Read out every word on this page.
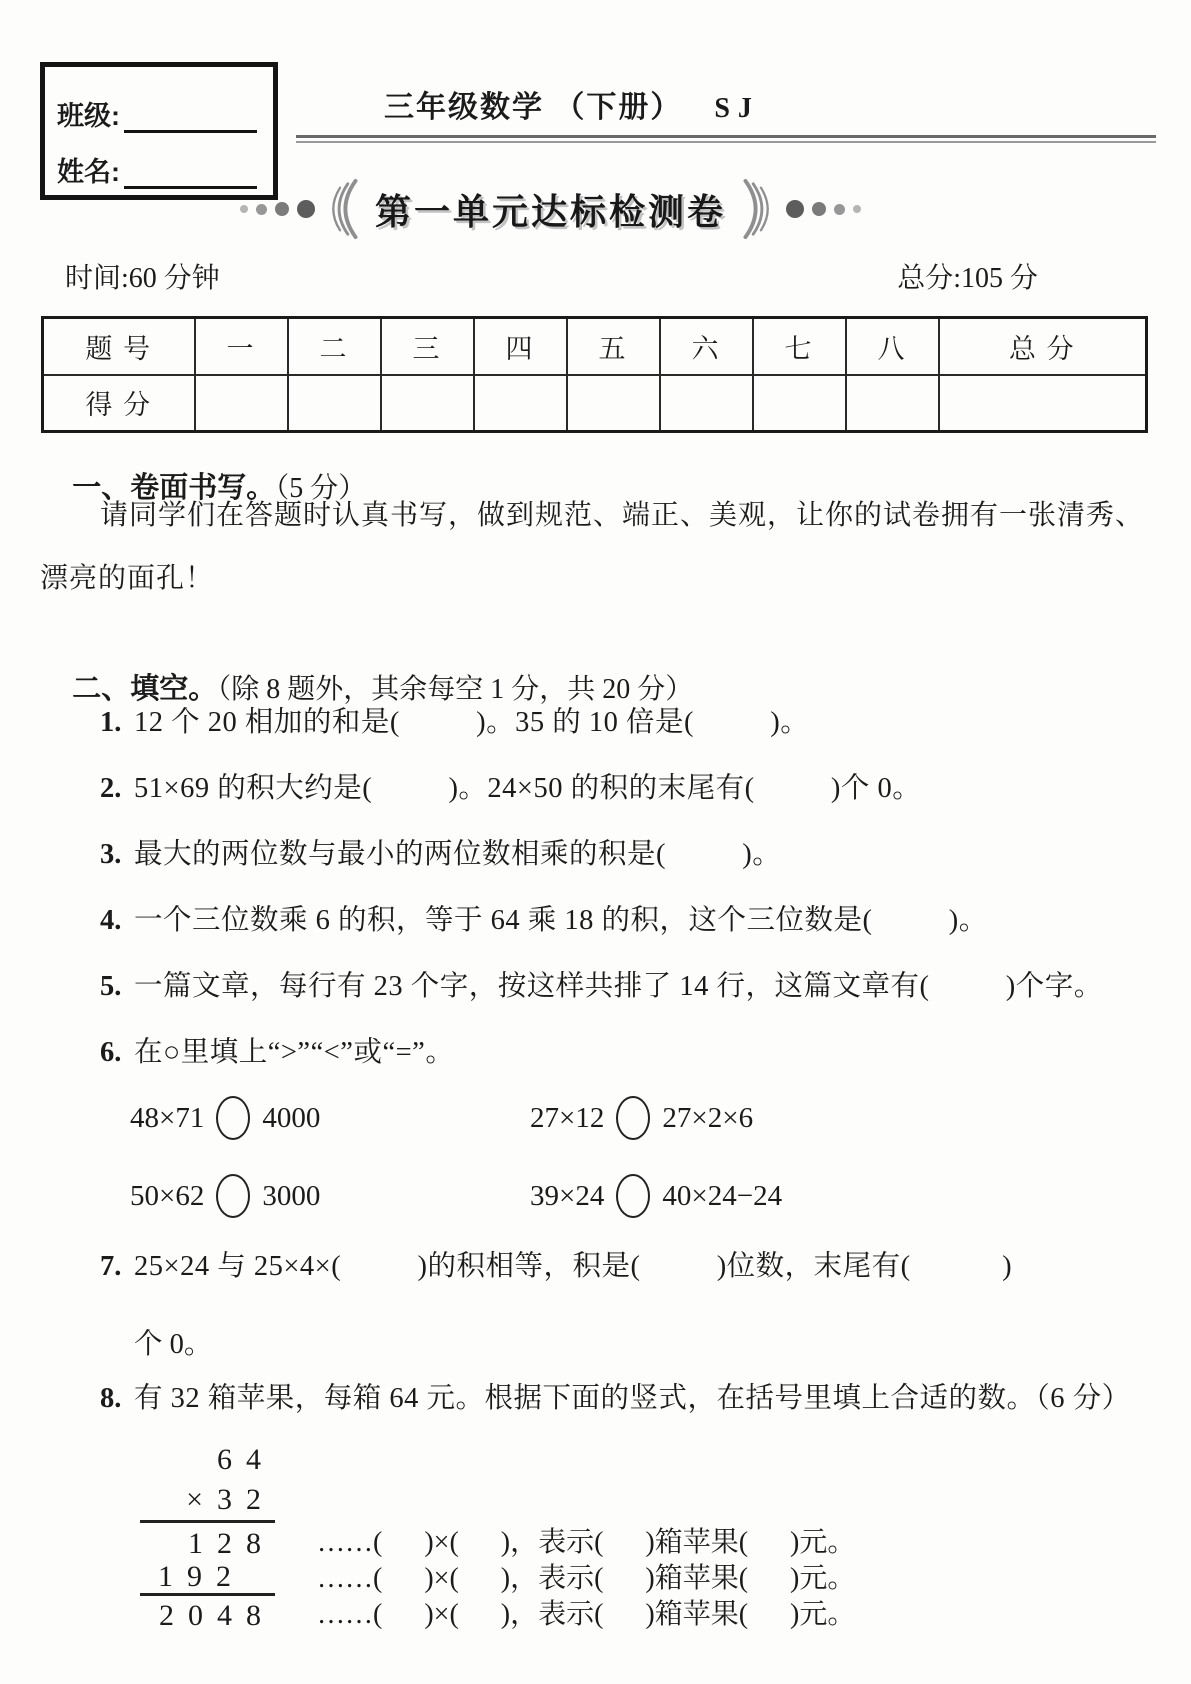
班级:
姓名:
三年级数学 （下册） SJ
第一单元达标检测卷
时间:60 分钟	总分:105 分
题 号	一	二	三	四	五	六	七	八	总 分
得 分									

一、卷面书写。（5 分）

请同学们在答题时认真书写，做到规范、端正、美观，让你的试卷拥有一张清秀、
漂亮的面孔！

二、填空。（除 8 题外，其余每空 1 分，共 20 分）

1. 12 个 20 相加的和是(          )。35 的 10 倍是(          )。
2. 51×69 的积大约是(          )。24×50 的积的末尾有(          )个 0。
3. 最大的两位数与最小的两位数相乘的积是(          )。
4. 一个三位数乘 6 的积，等于 64 乘 18 的积，这个三位数是(          )。
5. 一篇文章，每行有 23 个字，按这样共排了 14 行，这篇文章有(          )个字。
6. 在○里填上“>”“<”或“=”。
48×71 4000	27×12 27×2×6
50×62 3000	39×24 40×24−24
7. 25×24 与 25×4×(          )的积相等，积是(          )位数，末尾有(            )
个 0。
8. 有 32 箱苹果，每箱 64 元。根据下面的竖式，在括号里填上合适的数。（6 分）
64
×32
128 ……(      )×(      )，表示(      )箱苹果(      )元。
192	……(      )×(      )，表示(      )箱苹果(      )元。
2048 ……(      )×(      )，表示(      )箱苹果(      )元。
